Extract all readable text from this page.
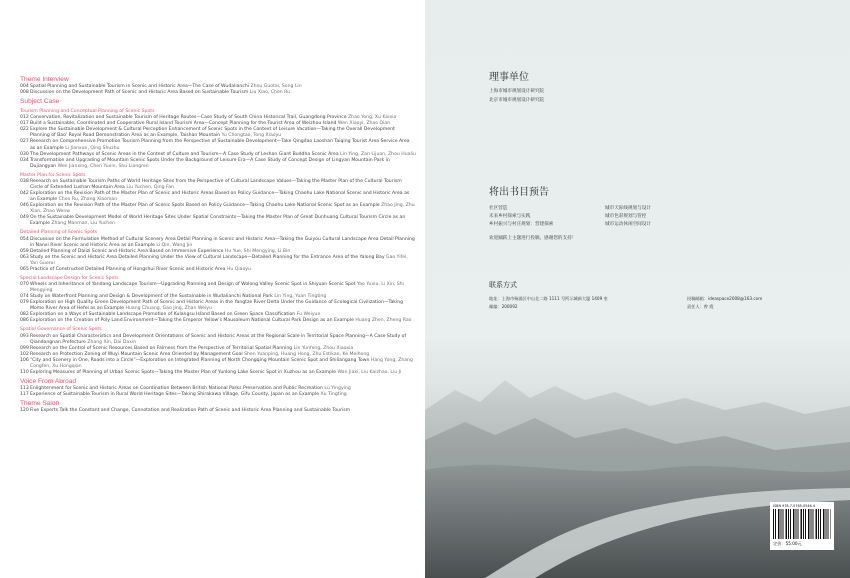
Theme Interview
004 Spatial Planning and Sustainable Tourism in Scenic and Historic Area—The Case of Wudalianchi Zhou Guotai, Song Lin
008 Discussion on the Development Path of Scenic and Historic Area Based on Sustainable Tourism Liu Xiao, Chen Ru
Subject Case
Tourism Planning and Conceptual Planning of Scenic Spots
012 Conservation, Revitalization and Sustainable Tourism of Heritage Routes—Case Study of South China Historical Trail, Guangdong Province Zhao Yong, Xu Kaixia
017 Build a Sustainable, Coordinated and Cooperative Rural Island Tourism Area—Concept Planning for the Tourist Area of Weizhou Island Wen Xiaoyi, Zhao Qian
022 Explore the Sustainable Development & Cultural Perception Enhancement of Scenic Spots in the Context of Leisure Vacation—Taking the Overall Development Planning of Bao' Royal Road Demonstration Area as an Example, Taishan Mountain Yu Chongtao, Tong Xiaoyu
027 Research on Comprehensive Promotion Tourism Planning from the Perspective of Sustainable Development—Take Qingdao Laoshan Taiqing Tourist Area Service Area as an Example Li Jianxun, Qing Shuzhu
030 The Development Pathways of Scenic Areas in the Context of Culture and Tourism—A Case Study of Leshan Giant Buddha Scenic Area Lin Ying, Zan Lijuan, Zhou Hualiu
034 Transformation and Upgrading of Mountain Scenic Spots Under the Background of Leisure Era—A Case Study of Concept Design of Lingyan Mountain Park in Dujiangyan Wen Jianxing, Chen Yuxin, Shu Liangren
Master Plan for Scenic Spots
038 Research on Sustainable Tourism Paths of World Heritage Sites from the Perspective of Cultural Landscape Values—Taking the Master Plan of the Cultural Tourism Circle of Extended Lushan Mountain Area Liu Yuchen, Qing Fan
042 Exploration on the Revision Path of the Master Plan of Scenic and Historic Areas Based on Policy Guidance—Taking Chaohu Lake National Scenic and Historic Area as an Example Chen Ru, Zhang Xiaoman
046 Exploration on the Revision Path of the Master Plan of Scenic Spots Based on Policy Guidance—Taking Chaohu Lake National Scenic Spot as an Example Zhao Jing, Zhu Xian, Zhao Wenw
049 On the Sustainable Development Model of World Heritage Sites Under Spatial Constraints—Taking the Master Plan of Great Dunhuang Cultural Tourism Circle as an Example Zhang Manman, Liu Yuchen
Detailed Planning of Scenic Spots
054 Discussion on the Formulation Method of Cultural Scenery Area Detail Planning in Scenic and Historic Area—Taking the Guiyou Cultural Landscape Area Detail Planning in Nanxi River Scenic and Historic Area as an Example Li Qin, Wang Jin
059 Detailed Planning of Dalizi Scenic and Historic Area Based on Immersive Experience Hu Yue, Shi Mengying, Li Bin
063 Study on the Scenic and Historic Area Detailed Planning Under the View of Cultural Landscape—Detailed Planning for the Entrance Area of the Yalong Bay Gao Yifei, Yan Guorui
065 Practice of Constructed Detailed Planning of Hongshui River Scenic and Historic Area Hu Qiaoyu
Special Landscape Design for Scenic Spots
070 Wheels and Inheritance of Yandang Landscape Tourism—Upgrading Planning and Design of Wolong Valley Scenic Spot in Shiyuan Scenic Spot Yao Yuxiu, Li Xin, Shi Mengying
074 Study on Waterfront Planning and Design & Development of the Sustainable in Wudalianchi National Park Lin Ying, Yuan Tingting
079 Exploration on High Quality Green Development Path of Scenic and Historic Areas in the Yangtze River Delta Under the Guidance of Ecological Civilization—Taking Momo River Area of Hefei as an Example Huang Chuang, Gao Jing, Zhan Weiyu
082 Exploration on a Ways of Sustainable Landscape Promotion of Kulangsu Island Based on Green Space Classification Fu Weiyun
086 Exploration on the Creation of Poly Land Environment—Taking the Emperor Yellow's Mausoleum National Cultural Park Design as an Example Huang Zhen, Zheng Rao
Spatial Governance of Scenic Spots
093 Research on Spatial Characteristics and Development Orientations of Scenic and Historic Areas at the Regional Scale in Territorial Space Planning—A Case Study of Qiandongnan Prefecture Zhang Xin, Dai Daxin
099 Research on the Control of Scenic Resources Based on Fairness from the Perspective of Territorial Spatial Planning Lin Yunfeng, Zhou Xiaoxia
102 Research on Protection Zoning of Wuyi Mountain Scenic Area Oriented by Management Goal Shen Yuanping, Huang Hong, Zhu Estikan, Ke Meihong
106 "City and Scenery in One, Roads into a Circle"—Exploration on Integrated Planning of North Chongqing Mountain Scenic Spot and Shiliangang Town Hang Yong, Zhang Congfen, Xu Hongqian
110 Exploring Measures of Planning of Urban Scenic Spots—Taking the Master Plan of Yunlong Lake Scenic Spot in Xuzhou as an Example Wan Jiaxi, Liu Kaizhao, Liu Ji
Voice From Abroad
113 Enlightenment for Scenic and Historic Areas on Coordination Between British National Parks Preservation and Public Recreation Lu Yingying
117 Experience of Sustainable Tourism in Rural World Heritage Sites—Taking Shirakawa Village, Gifu County, Japan as an Example Xu Tingting
Theme Salon
120 Five Experts Talk the Constant and Change, Connotation and Realization Path of Scenic and Historic Area Planning and Sustainable Tourism
理事单位
上海市城市规划设计研究院
北京市城市规划设计研究院
将出书目预告
社区营造
未来乡村探索与实践
乡村振兴与村庄规划：营建探索
城市天际线规划与设计
城市色彩规划与管控
城市运动休闲空间设计
欢迎踊跃上主题进行投稿，感谢您的支持！
联系方式
地址：上海市杨浦区中山北二路 1111 号所示城新大厦 1409 室
邮编：200092
投稿邮箱：ideaspace2008@163.com
责任人：曾 霞
ISBN 978-7-5765-0546-4
定价：55.00元
